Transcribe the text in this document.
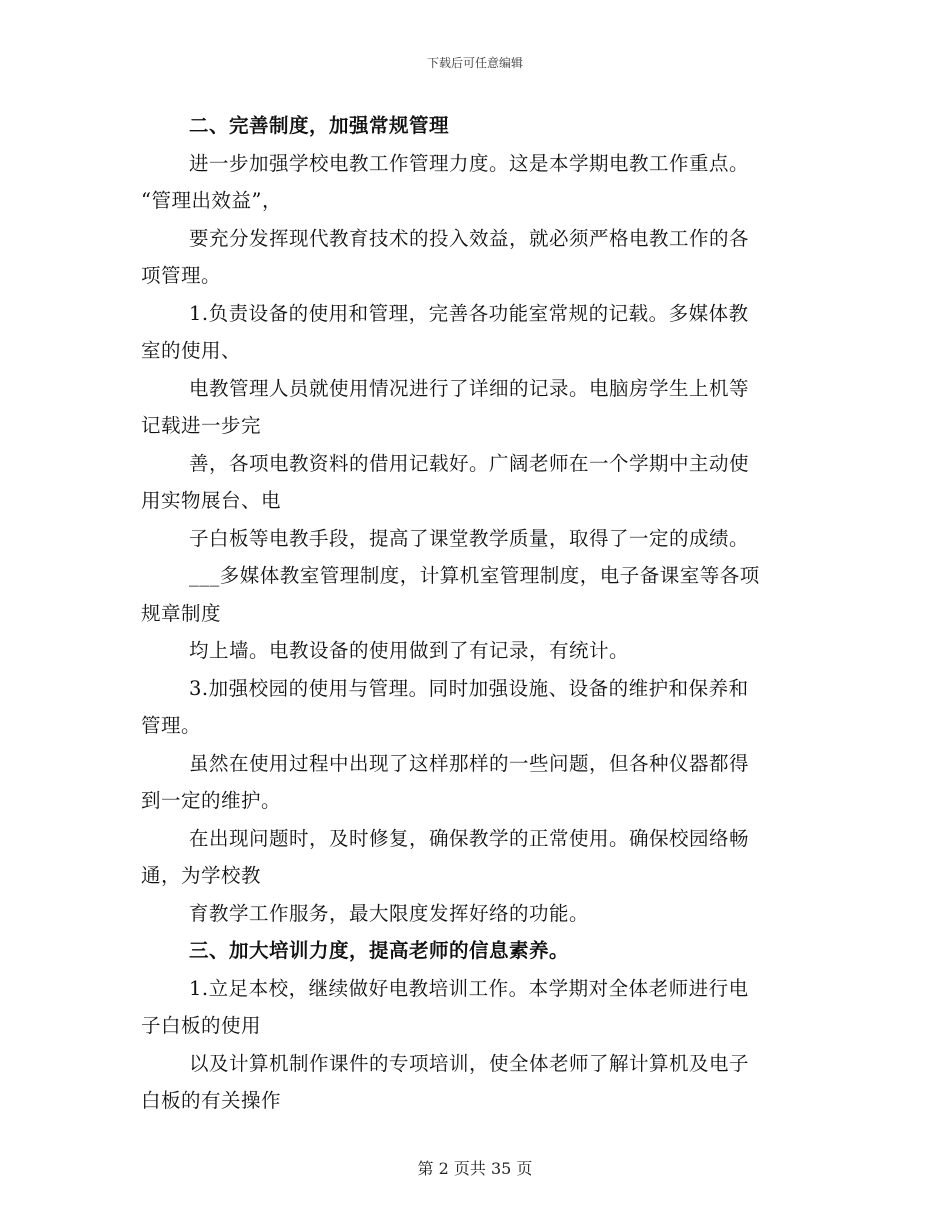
下载后可任意编辑
二、完善制度，加强常规管理
进一步加强学校电教工作管理力度。这是本学期电教工作重点。
“管理出效益”，
要充分发挥现代教育技术的投入效益，就必须严格电教工作的各
项管理。
1.负责设备的使用和管理，完善各功能室常规的记载。多媒体教
室的使用、
电教管理人员就使用情况进行了详细的记录。电脑房学生上机等
记载进一步完
善，各项电教资料的借用记载好。广阔老师在一个学期中主动使
用实物展台、电
子白板等电教手段，提高了课堂教学质量，取得了一定的成绩。
___多媒体教室管理制度，计算机室管理制度，电子备课室等各项
规章制度
均上墙。电教设备的使用做到了有记录，有统计。
3.加强校园的使用与管理。同时加强设施、设备的维护和保养和
管理。
虽然在使用过程中出现了这样那样的一些问题，但各种仪器都得
到一定的维护。
在出现问题时，及时修复，确保教学的正常使用。确保校园络畅
通，为学校教
育教学工作服务，最大限度发挥好络的功能。
三、加大培训力度，提高老师的信息素养。
1.立足本校，继续做好电教培训工作。本学期对全体老师进行电
子白板的使用
以及计算机制作课件的专项培训，使全体老师了解计算机及电子
白板的有关操作
第 2 页共 35 页
